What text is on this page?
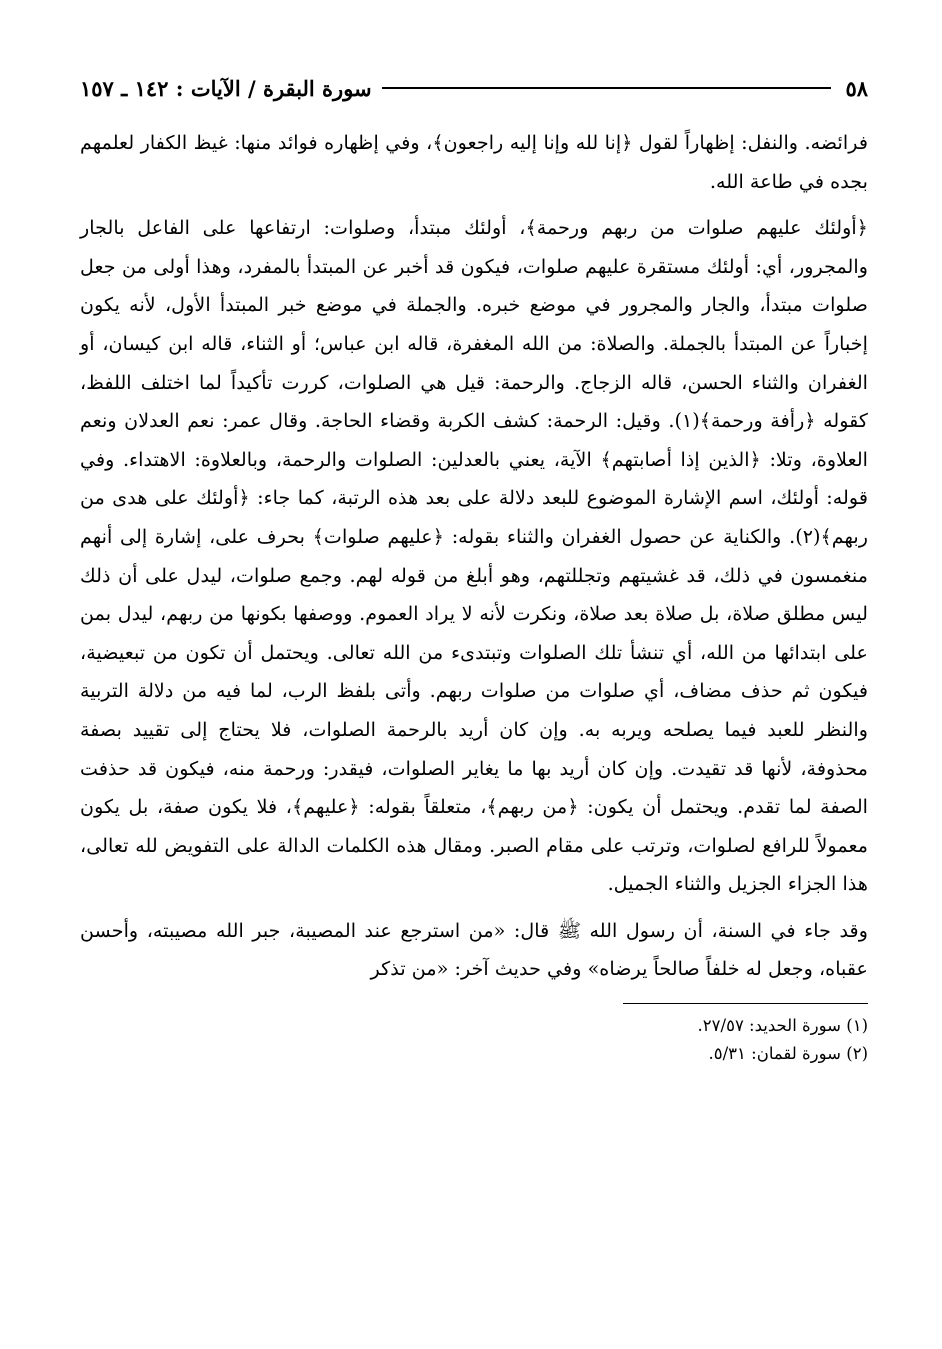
٥٨
سورة البقرة / الآيات : ١٤٢ ـ ١٥٧

فرائضه. والنفل: إظهاراً لقول ﴿إنا لله وإنا إليه راجعون﴾، وفي إظهاره فوائد منها: غيظ الكفار لعلمهم بجده في طاعة الله.

﴿أولئك عليهم صلوات من ربهم ورحمة﴾، أولئك مبتدأ، وصلوات: ارتفاعها على الفاعل بالجار والمجرور، أي: أولئك مستقرة عليهم صلوات، فيكون قد أخبر عن المبتدأ بالمفرد، وهذا أولى من جعل صلوات مبتدأ، والجار والمجرور في موضع خبره. والجملة في موضع خبر المبتدأ الأول، لأنه يكون إخباراً عن المبتدأ بالجملة. والصلاة: من الله المغفرة، قاله ابن عباس؛ أو الثناء، قاله ابن كيسان، أو الغفران والثناء الحسن، قاله الزجاج. والرحمة: قيل هي الصلوات، كررت تأكيداً لما اختلف اللفظ، كقوله ﴿رأفة ورحمة﴾(١). وقيل: الرحمة: كشف الكربة وقضاء الحاجة. وقال عمر: نعم العدلان ونعم العلاوة، وتلا: ﴿الذين إذا أصابتهم﴾ الآية، يعني بالعدلين: الصلوات والرحمة، وبالعلاوة: الاهتداء. وفي قوله: أولئك، اسم الإشارة الموضوع للبعد دلالة على بعد هذه الرتبة، كما جاء: ﴿أولئك على هدى من ربهم﴾(٢). والكناية عن حصول الغفران والثناء بقوله: ﴿عليهم صلوات﴾ بحرف على، إشارة إلى أنهم منغمسون في ذلك، قد غشيتهم وتجللتهم، وهو أبلغ من قوله لهم. وجمع صلوات، ليدل على أن ذلك ليس مطلق صلاة، بل صلاة بعد صلاة، ونكرت لأنه لا يراد العموم. ووصفها بكونها من ربهم، ليدل بمن على ابتدائها من الله، أي تنشأ تلك الصلوات وتبتدىء من الله تعالى. ويحتمل أن تكون من تبعيضية، فيكون ثم حذف مضاف، أي صلوات من صلوات ربهم. وأتى بلفظ الرب، لما فيه من دلالة التربية والنظر للعبد فيما يصلحه ويربه به. وإن كان أريد بالرحمة الصلوات، فلا يحتاج إلى تقييد بصفة محذوفة، لأنها قد تقيدت. وإن كان أريد بها ما يغاير الصلوات، فيقدر: ورحمة منه، فيكون قد حذفت الصفة لما تقدم. ويحتمل أن يكون: ﴿من ربهم﴾، متعلقاً بقوله: ﴿عليهم﴾، فلا يكون صفة، بل يكون معمولاً للرافع لصلوات، وترتب على مقام الصبر. ومقال هذه الكلمات الدالة على التفويض لله تعالى، هذا الجزاء الجزيل والثناء الجميل.

وقد جاء في السنة، أن رسول الله ﷺ قال: «من استرجع عند المصيبة، جبر الله مصيبته، وأحسن عقباه، وجعل له خلفاً صالحاً يرضاه» وفي حديث آخر: «من تذكر

(١) سورة الحديد: ٢٧/٥٧.

(٢) سورة لقمان: ٥/٣١.
